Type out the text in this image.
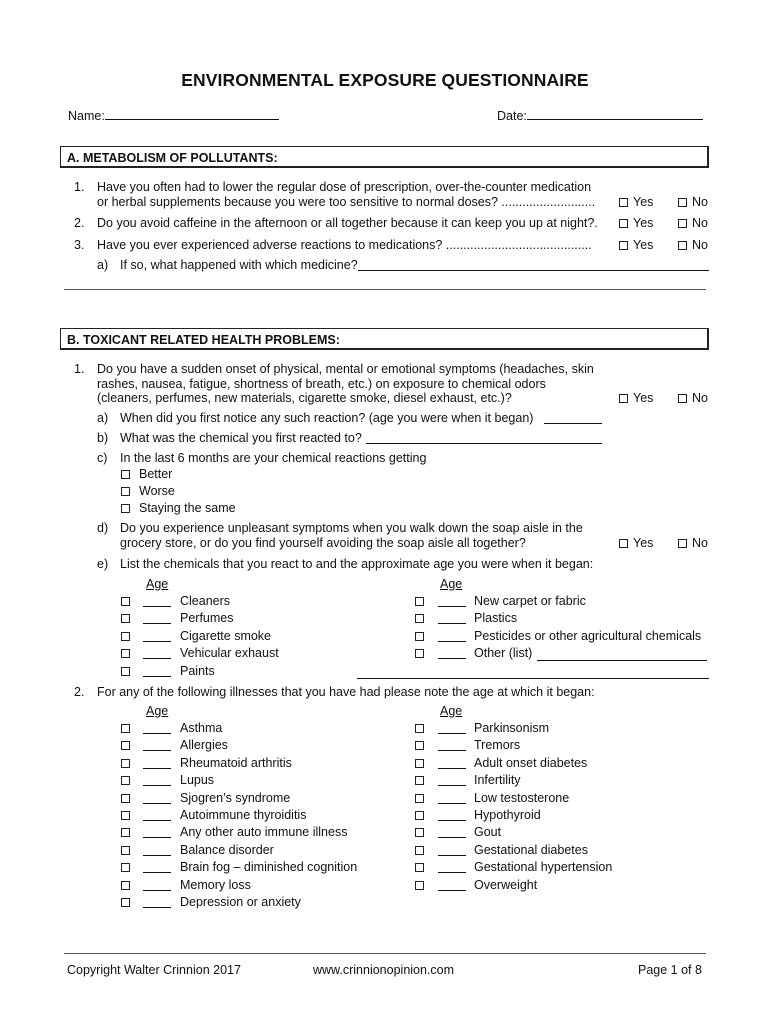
ENVIRONMENTAL EXPOSURE QUESTIONNAIRE
Name:	Date:
A. METABOLISM OF POLLUTANTS:
1. Have you often had to lower the regular dose of prescription, over-the-counter medication
or herbal supplements because you were too sensitive to normal doses? ...........................	Yes	No
2. Do you avoid caffeine in the afternoon or all together because it can keep you up at night?.	Yes	No
3. Have you ever experienced adverse reactions to medications? ..........................................	Yes	No
a) If so, what happened with which medicine?
B. TOXICANT RELATED HEALTH PROBLEMS:
1. Do you have a sudden onset of physical, mental or emotional symptoms (headaches, skin
rashes, nausea, fatigue, shortness of breath, etc.) on exposure to chemical odors
(cleaners, perfumes, new materials, cigarette smoke, diesel exhaust, etc.)?	Yes	No
a) When did you first notice any such reaction? (age you were when it began)
b) What was the chemical you first reacted to?
c) In the last 6 months are your chemical reactions getting
Better
Worse
Staying the same
d) Do you experience unpleasant symptoms when you walk down the soap aisle in the
grocery store, or do you find yourself avoiding the soap aisle all together?	Yes	No
e) List the chemicals that you react to and the approximate age you were when it began:
Age	Age
Cleaners
Perfumes
Cigarette smoke
Vehicular exhaust
Paints
New carpet or fabric
Plastics
Pesticides or other agricultural chemicals
Other (list)
2. For any of the following illnesses that you have had please note the age at which it began:
Age	Age
Asthma
Allergies
Rheumatoid arthritis
Lupus
Sjogren’s syndrome
Autoimmune thyroiditis
Any other auto immune illness
Balance disorder
Brain fog – diminished cognition
Memory loss
Depression or anxiety
Parkinsonism
Tremors
Adult onset diabetes
Infertility
Low testosterone
Hypothyroid
Gout
Gestational diabetes
Gestational hypertension
Overweight
Copyright Walter Crinnion 2017	www.crinnionopinion.com	Page 1 of 8
